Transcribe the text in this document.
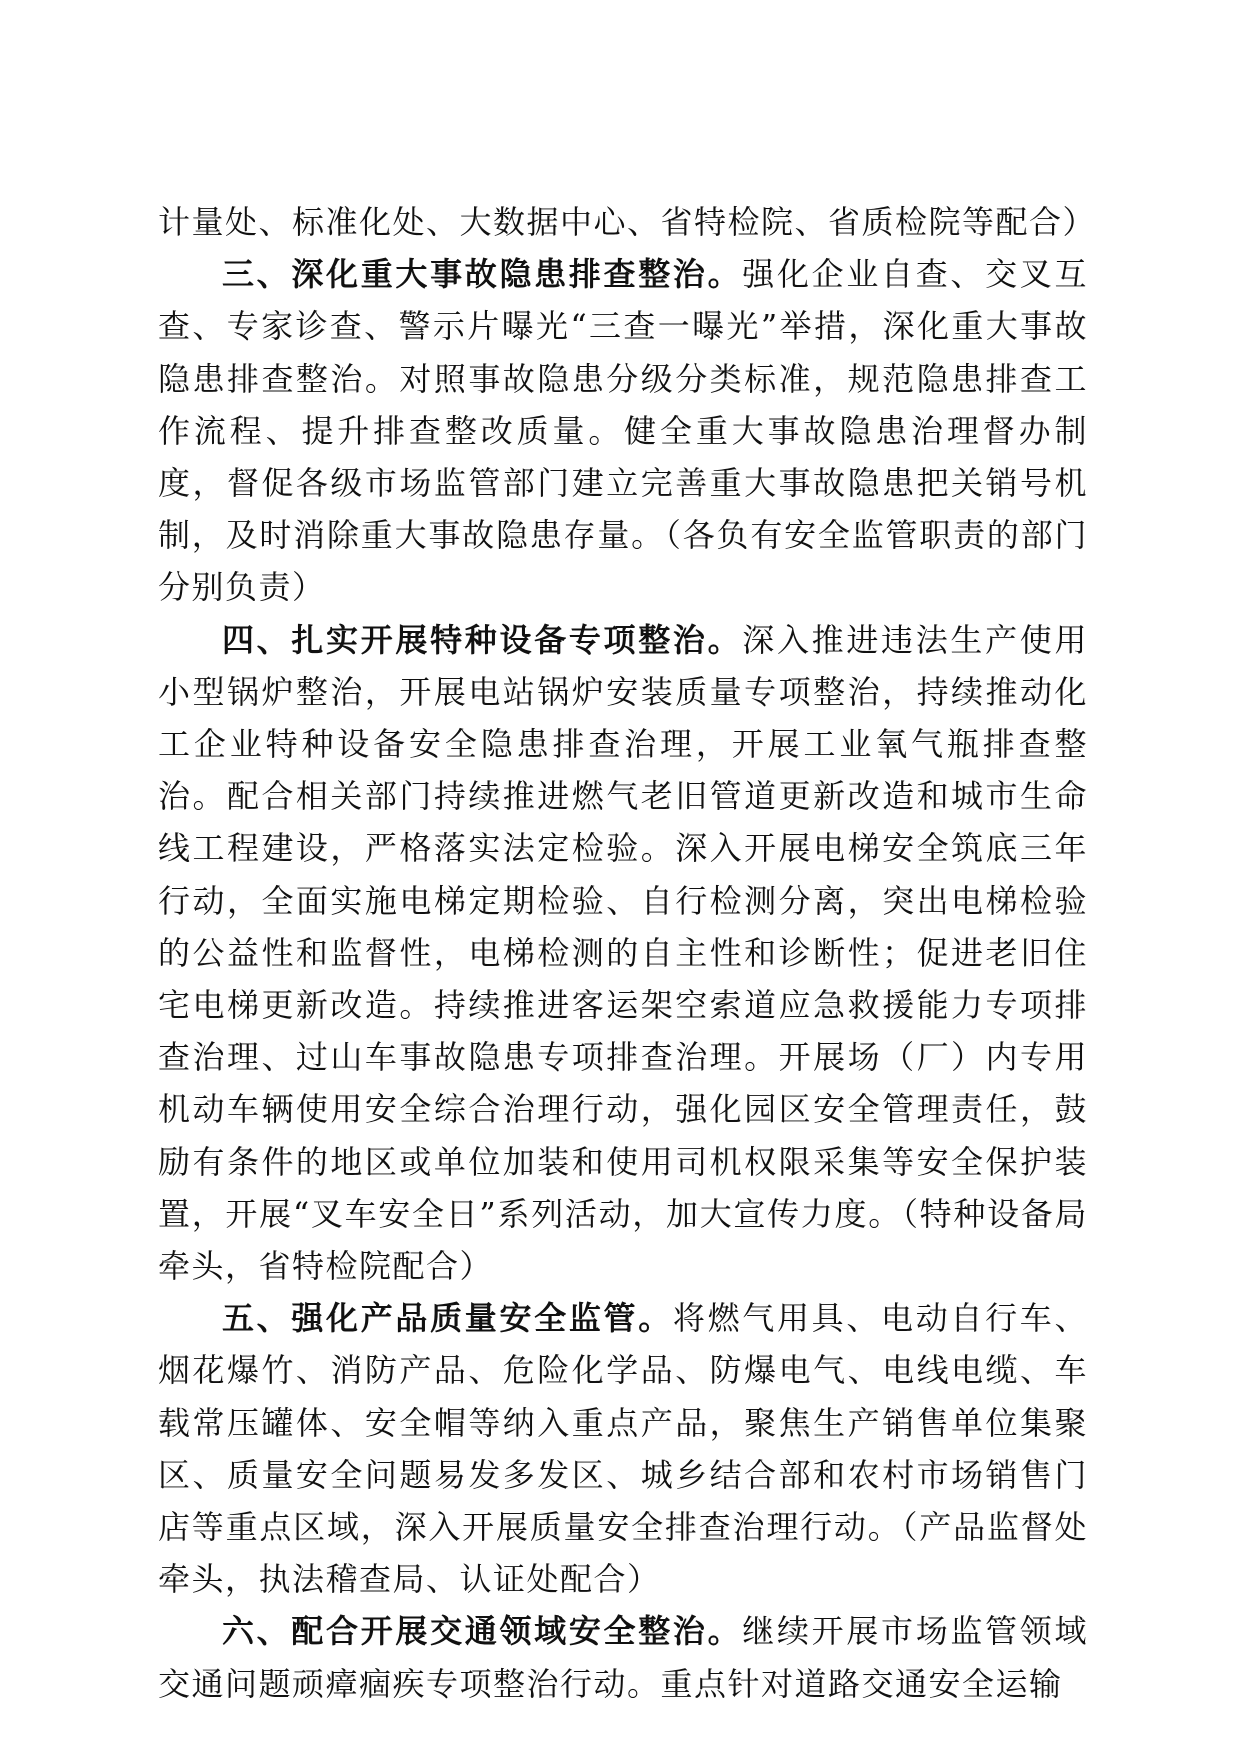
计量处、标准化处、大数据中心、省特检院、省质检院等配合）

三、深化重大事故隐患排查整治。强化企业自查、交叉互查、专家诊查、警示片曝光“三查一曝光”举措，深化重大事故隐患排查整治。对照事故隐患分级分类标准，规范隐患排查工作流程、提升排查整改质量。健全重大事故隐患治理督办制度，督促各级市场监管部门建立完善重大事故隐患把关销号机制，及时消除重大事故隐患存量。（各负有安全监管职责的部门分别负责）

四、扎实开展特种设备专项整治。深入推进违法生产使用小型锅炉整治，开展电站锅炉安装质量专项整治，持续推动化工企业特种设备安全隐患排查治理，开展工业氧气瓶排查整治。配合相关部门持续推进燃气老旧管道更新改造和城市生命线工程建设，严格落实法定检验。深入开展电梯安全筑底三年行动，全面实施电梯定期检验、自行检测分离，突出电梯检验的公益性和监督性，电梯检测的自主性和诊断性；促进老旧住宅电梯更新改造。持续推进客运架空索道应急救援能力专项排查治理、过山车事故隐患专项排查治理。开展场（厂）内专用机动车辆使用安全综合治理行动，强化园区安全管理责任，鼓励有条件的地区或单位加装和使用司机权限采集等安全保护装置，开展“叉车安全日”系列活动，加大宣传力度。（特种设备局牵头，省特检院配合）

五、强化产品质量安全监管。将燃气用具、电动自行车、烟花爆竹、消防产品、危险化学品、防爆电气、电线电缆、车载常压罐体、安全帽等纳入重点产品，聚焦生产销售单位集聚区、质量安全问题易发多发区、城乡结合部和农村市场销售门店等重点区域，深入开展质量安全排查治理行动。（产品监督处牵头，执法稽查局、认证处配合）

六、配合开展交通领域安全整治。继续开展市场监管领域交通问题顽瘴痼疾专项整治行动。重点针对道路交通安全运输
